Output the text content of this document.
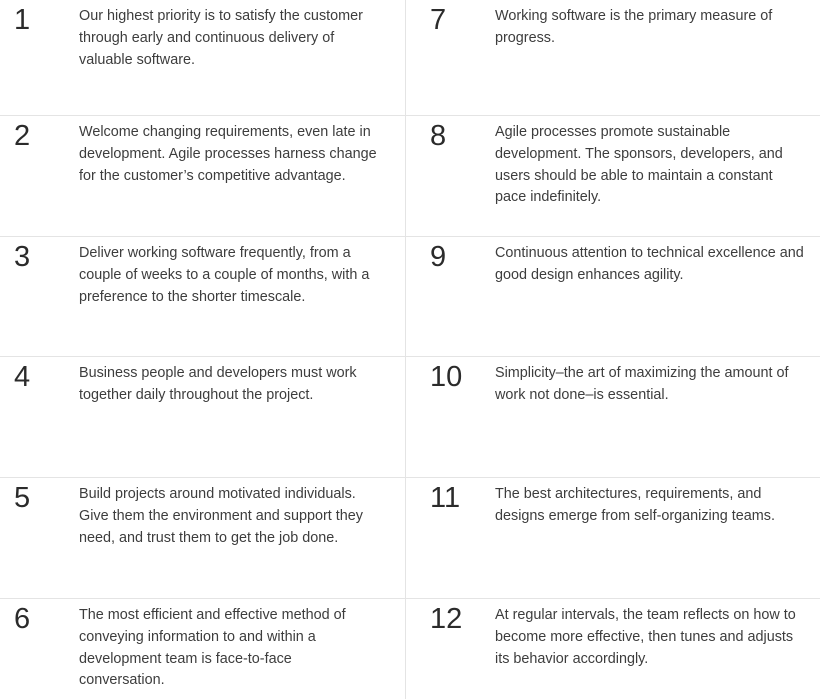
1	Our highest priority is to satisfy the customer through early and continuous delivery of valuable software.
2	Welcome changing requirements, even late in development. Agile processes harness change for the customer’s competitive advantage.
3	Deliver working software frequently, from a couple of weeks to a couple of months, with a preference to the shorter timescale.
4	Business people and developers must work together daily throughout the project.
5	Build projects around motivated individuals. Give them the environment and support they need, and trust them to get the job done.
6	The most efficient and effective method of conveying information to and within a development team is face-to-face conversation.
7	Working software is the primary measure of progress.
8	Agile processes promote sustainable development. The sponsors, developers, and users should be able to maintain a constant pace indefinitely.
9	Continuous attention to technical excellence and good design enhances agility.
10 Simplicity–the art of maximizing the amount of work not done–is essential.
11 The best architectures, requirements, and designs emerge from self-organizing teams.
12 At regular intervals, the team reflects on how to become more effective, then tunes and adjusts its behavior accordingly.
